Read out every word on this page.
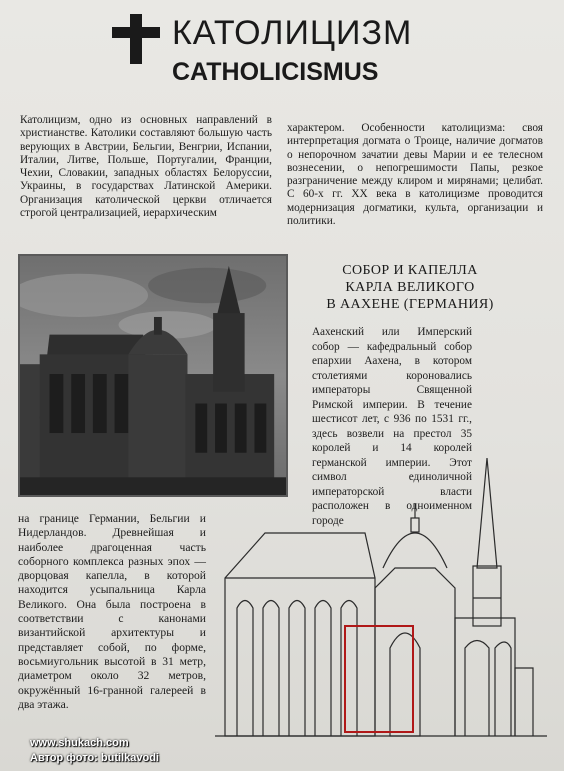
КАТОЛИЦИЗМ
CATHOLICISMUS
Католицизм, одно из основных направлений в христианстве. Католики составляют большую часть верующих в Австрии, Бельгии, Венгрии, Испании, Италии, Литве, Польше, Португалии, Франции, Чехии, Словакии, западных областях Белоруссии, Украины, в государствах Латинской Америки. Организация католической церкви отличается строгой централизацией, иерархическим
характером. Особенности католицизма: своя интерпретация догмата о Троице, наличие догматов о непорочном зачатии девы Марии и ее телесном вознесении, о непогрешимости Папы, резкое разграничение между клиром и мирянами; целибат. С 60-х гг. XX века в католицизме проводится модернизация догматики, культа, организации и политики.
СОБОР И КАПЕЛЛА
КАРЛА ВЕЛИКОГО
В ААХЕНЕ (ГЕРМАНИЯ)
Аахенский или Имперский собор — кафедральный собор епархии Аахена, в котором столетиями короновались императоры Священной Римской империи. В течение шестисот лет, с 936 по 1531 гг., здесь возвели на престол 35 королей и 14 королей германской империи. Этот символ единоличной императорской власти расположен в одноименном городе
на границе Германии, Бельгии и Нидерландов. Древнейшая и наиболее драгоценная часть соборного комплекса разных эпох — дворцовая капелла, в которой находится усыпальница Карла Великого. Она была построена в соответствии с канонами византийской архитектуры и представляет собой, по форме, восьмиугольник высотой в 31 метр, диаметром около 32 метров, окружённый 16-гранной галереей в два этажа.
www.shukach.com
Автор фото: butilkavodi
